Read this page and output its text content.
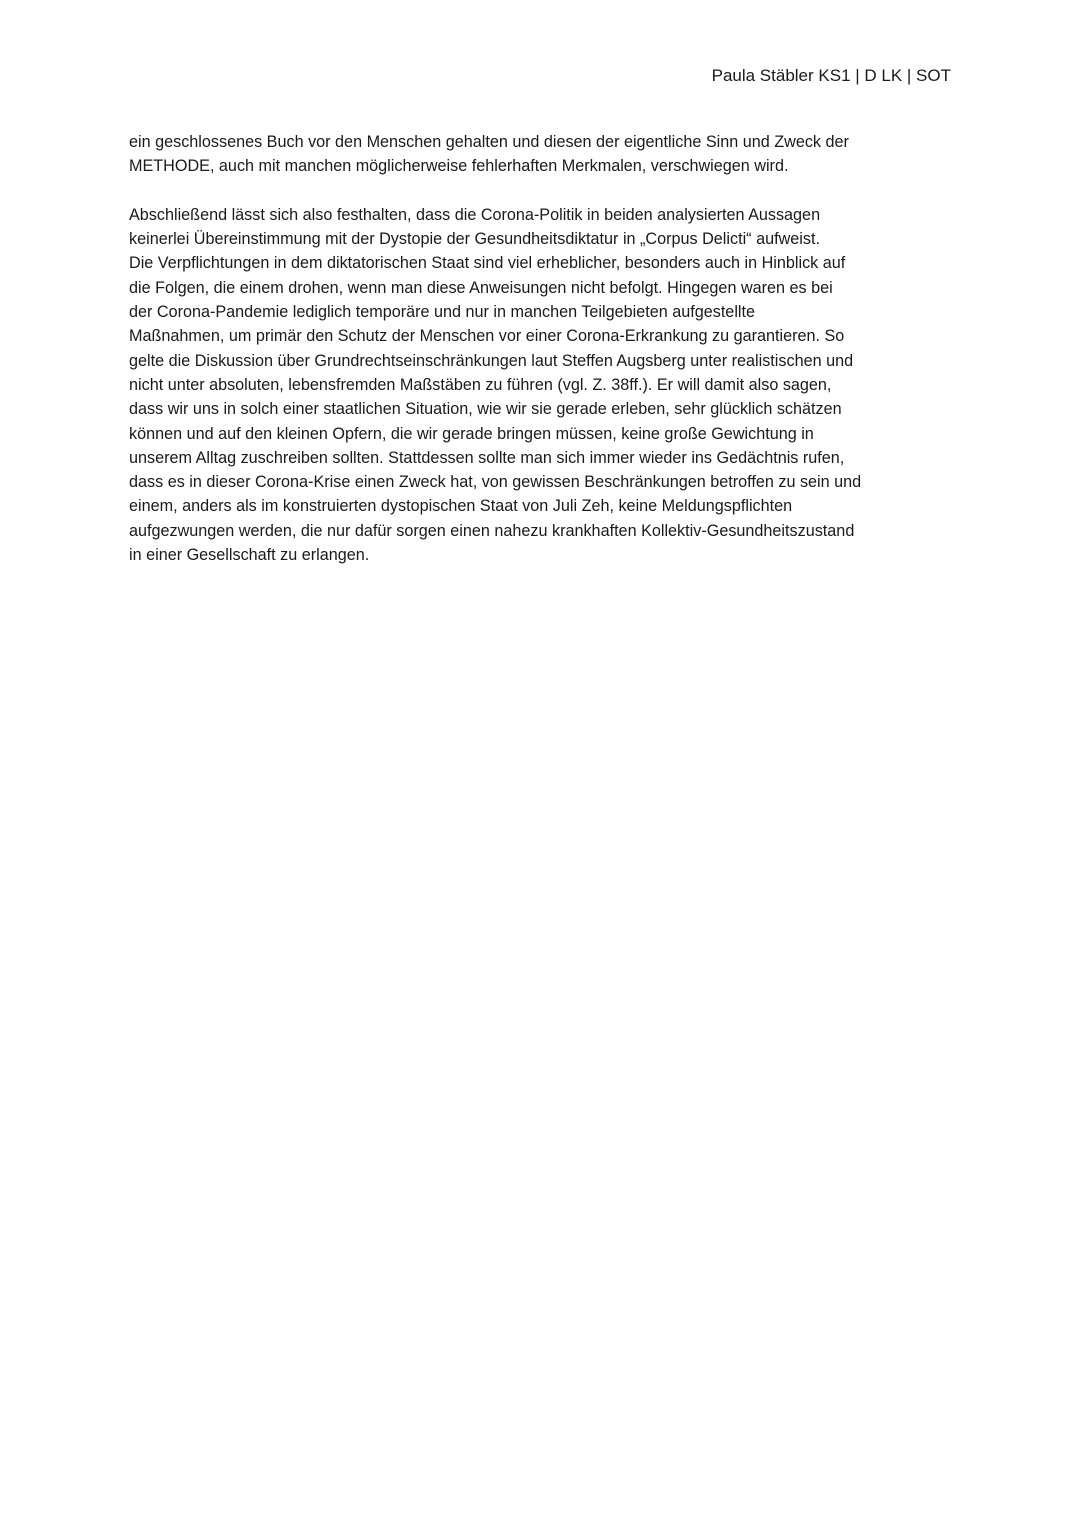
Paula Stäbler KS1 | D LK | SOT
ein geschlossenes Buch vor den Menschen gehalten und diesen der eigentliche Sinn und Zweck der
METHODE, auch mit manchen möglicherweise fehlerhaften Merkmalen, verschwiegen wird.
Abschließend lässt sich also festhalten, dass die Corona-Politik in beiden analysierten Aussagen
keinerlei Übereinstimmung mit der Dystopie der Gesundheitsdiktatur in „Corpus Delicti“ aufweist.
Die Verpflichtungen in dem diktatorischen Staat sind viel erheblicher, besonders auch in Hinblick auf
die Folgen, die einem drohen, wenn man diese Anweisungen nicht befolgt. Hingegen waren es bei
der Corona-Pandemie lediglich temporäre und nur in manchen Teilgebieten aufgestellte
Maßnahmen, um primär den Schutz der Menschen vor einer Corona-Erkrankung zu garantieren. So
gelte die Diskussion über Grundrechtseinschränkungen laut Steffen Augsberg unter realistischen und
nicht unter absoluten, lebensfremden Maßstäben zu führen (vgl. Z. 38ff.). Er will damit also sagen,
dass wir uns in solch einer staatlichen Situation, wie wir sie gerade erleben, sehr glücklich schätzen
können und auf den kleinen Opfern, die wir gerade bringen müssen, keine große Gewichtung in
unserem Alltag zuschreiben sollten. Stattdessen sollte man sich immer wieder ins Gedächtnis rufen,
dass es in dieser Corona-Krise einen Zweck hat, von gewissen Beschränkungen betroffen zu sein und
einem, anders als im konstruierten dystopischen Staat von Juli Zeh, keine Meldungspflichten
aufgezwungen werden, die nur dafür sorgen einen nahezu krankhaften Kollektiv-Gesundheitszustand
in einer Gesellschaft zu erlangen.
